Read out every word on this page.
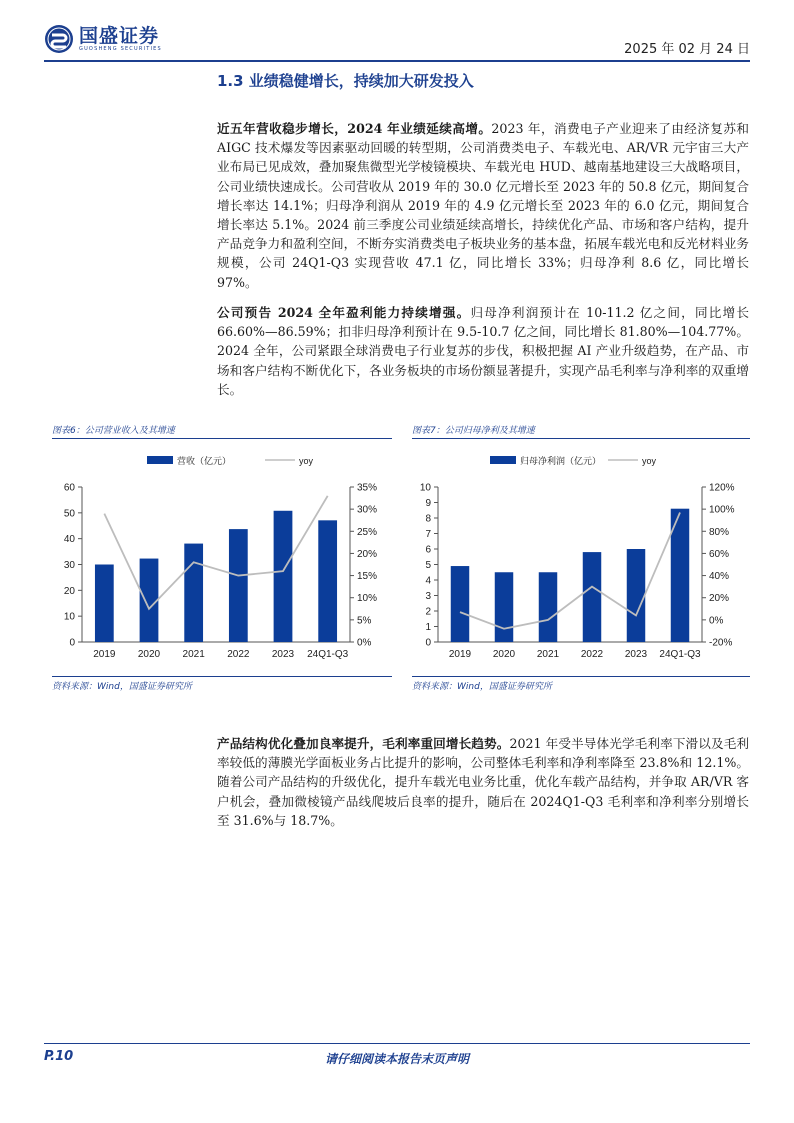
国盛证券
GUOSHENG SECURITIES	2025 年 02 月 24 日
1.3 业绩稳健增长，持续加大研发投入

近五年营收稳步增长，2024 年业绩延续高增。2023 年，消费电子产业迎来了由经济复苏和 AIGC 技术爆发等因素驱动回暖的转型期，公司消费类电子、车载光电、AR/VR 元宇宙三大产业布局已见成效，叠加聚焦微型光学棱镜模块、车载光电 HUD、越南基地建设三大战略项目，公司业绩快速成长。公司营收从 2019 年的 30.0 亿元增长至 2023 年的 50.8 亿元，期间复合增长率达 14.1%；归母净利润从 2019 年的 4.9 亿元增长至 2023 年的 6.0 亿元，期间复合增长率达 5.1%。2024 前三季度公司业绩延续高增长，持续优化产品、市场和客户结构，提升产品竞争力和盈利空间，不断夯实消费类电子板块业务的基本盘，拓展车载光电和反光材料业务规模，公司 24Q1-Q3 实现营收 47.1 亿，同比增长 33%；归母净利 8.6 亿，同比增长 97%。

公司预告 2024 全年盈利能力持续增强。归母净利润预计在 10-11.2 亿之间，同比增长 66.60%—86.59%；扣非归母净利预计在 9.5-10.7 亿之间，同比增长 81.80%—104.77%。2024 全年，公司紧跟全球消费电子行业复苏的步伐，积极把握 AI 产业升级趋势，在产品、市场和客户结构不断优化下，各业务板块的市场份额显著提升，实现产品毛利率与净利率的双重增长。

图表6：公司营业收入及其增速
营收（亿元）	yoy
0
10
20
30
40
50
60
0%
5%
10%
15%
20%
25%
30%
35%
2019 2020 2021 2022 2023 24Q1-Q3
资料来源：Wind，国盛证券研究所
图表7：公司归母净利及其增速
归母净利润（亿元）	yoy
0
1
2
3
4
5
6
7
8
9
10
-20%
0%
20%
40%
60%
80%
100%
120%
2019 2020 2021 2022 2023 24Q1-Q3
资料来源：Wind，国盛证券研究所

产品结构优化叠加良率提升，毛利率重回增长趋势。2021 年受半导体光学毛利率下滑以及毛利率较低的薄膜光学面板业务占比提升的影响，公司整体毛利率和净利率降至 23.8%和 12.1%。随着公司产品结构的升级优化，提升车载光电业务比重，优化车载产品结构，并争取 AR/VR 客户机会，叠加微棱镜产品线爬坡后良率的提升，随后在 2024Q1-Q3 毛利率和净利率分别增长至 31.6%与 18.7%。

P.10	请仔细阅读本报告末页声明
